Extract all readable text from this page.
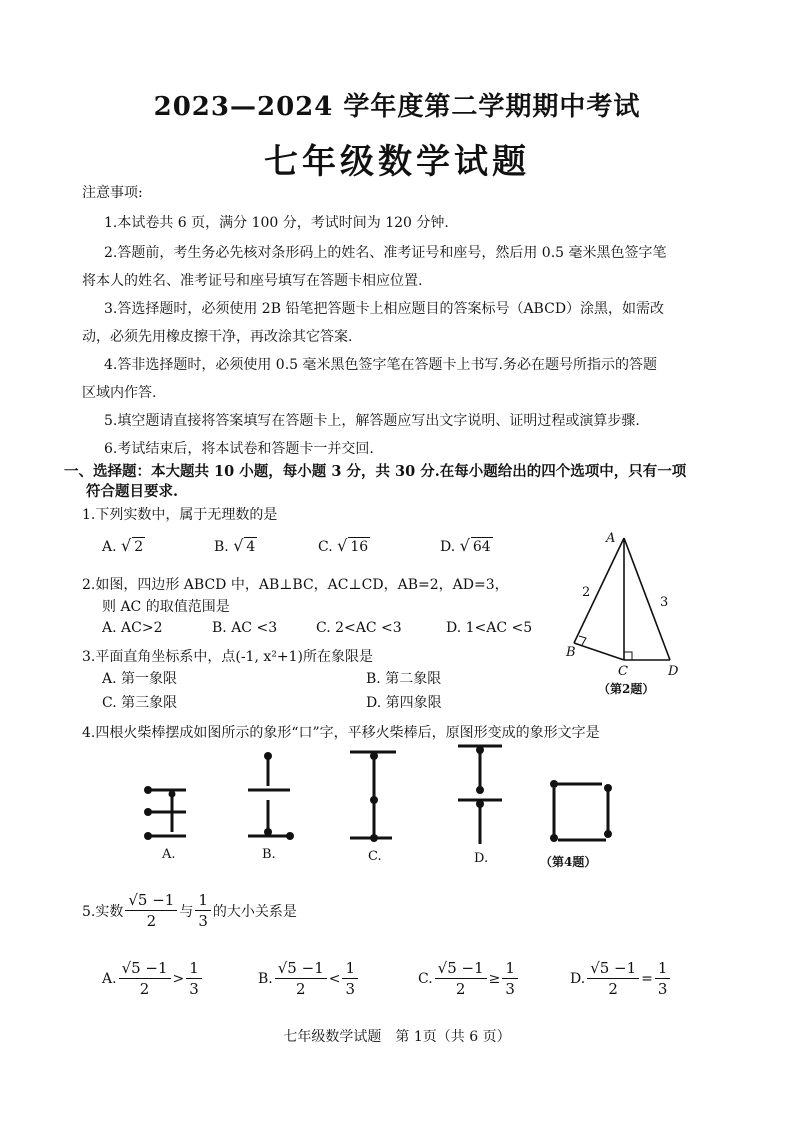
2023—2024 学年度第二学期期中考试
七年级数学试题
注意事项:
1.本试卷共 6 页，满分 100 分，考试时间为 120 分钟.
2.答题前，考生务必先核对条形码上的姓名、准考证号和座号，然后用 0.5 毫米黑色签字笔
将本人的姓名、准考证号和座号填写在答题卡相应位置.
3.答选择题时，必须使用 2B 铅笔把答题卡上相应题目的答案标号（ABCD）涂黑，如需改
动，必须先用橡皮擦干净，再改涂其它答案.
4.答非选择题时，必须使用 0.5 毫米黑色签字笔在答题卡上书写.务必在题号所指示的答题
区域内作答.
5.填空题请直接将答案填写在答题卡上，解答题应写出文字说明、证明过程或演算步骤.
6.考试结束后，将本试卷和答题卡一并交回.
一、选择题：本大题共 10 小题，每小题 3 分，共 30 分.在每小题给出的四个选项中，只有一项
符合题目要求.
1.下列实数中，属于无理数的是
A. √ 2	B. √ 4	C. √ 16	D. √ 64
2.如图，四边形 ABCD 中，AB⊥BC，AC⊥CD，AB=2，AD=3，
则 AC 的取值范围是
A. AC>2	B. AC <3	C. 2<AC <3	D. 1<AC <5
A
B
C	D
2
3
（第2题）
3.平面直角坐标系中，点(-1, x²+1)所在象限是
A. 第一象限	B. 第二象限
C. 第三象限	D. 第四象限
4.四根火柴棒摆成如图所示的象形“口”字，平移火柴棒后，原图形变成的象形文字是
A.	B.	C.	D.	（第4题）
5.实数 $\frac{√5 -1}{2}$ 与 $\frac{1}{3}$ 的大小关系是
A. $\frac{√5 -1}{2} > \frac{1}{3}$	B. $\frac{√5 -1}{2} < \frac{1}{3}$	C. $\frac{√5 -1}{2} \ge \frac{1}{3}$	D. $\frac{√5 -1}{2} = \frac{1}{3}$
七年级数学试题　第 1页（共 6 页）
